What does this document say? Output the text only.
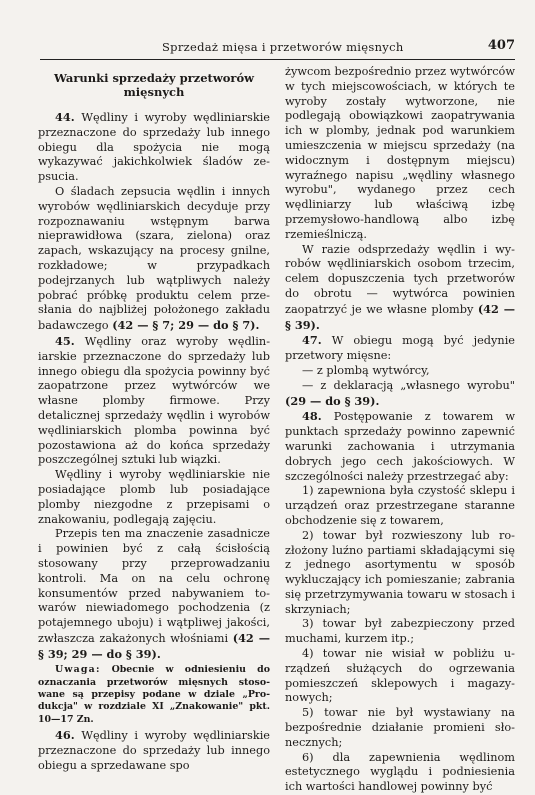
Sprzedaż mięsa i przetworów mięsnych	407

Warunki sprzedaży przetworów mięsnych

44. Wędliny i wyroby wędliniarskie przeznaczone do sprzedaży lub innego obiegu dla spożycia nie mogą wykazywać jakichkolwiek śladów zepsucia.

O śladach zepsucia wędlin i innych wyrobów wędliniarskich decyduje przy rozpoznawaniu wstępnym barwa nieprawidłowa (szara, zielona) oraz zapach, wskazujący na procesy gnilne, rozkładowe; w przypadkach podejrzanych lub wątpliwych należy pobrać próbkę produktu celem przesłania do najbliżej położonego zakładu badawczego (42 — § 7; 29 — do § 7).

45. Wędliny oraz wyroby wędliniarskie przeznaczone do sprzedaży lub innego obiegu dla spożycia powinny być zaopatrzone przez wytwórców we własne plomby firmowe. Przy detalicznej sprzedaży wędlin i wyrobów wędliniarskich plomba powinna być pozostawiona aż do końca sprzedaży poszczególnej sztuki lub wiązki.

Wędliny i wyroby wędliniarskie nie posiadające plomb lub posiadające plomby niezgodne z przepisami o znakowaniu, podlegają zajęciu.

Przepis ten ma znaczenie zasadnicze i powinien być z całą ścisłością stosowany przy przeprowadzaniu kontroli. Ma on na celu ochronę konsumentów przed nabywaniem towarów niewiadomego pochodzenia (z potajemnego uboju) i wątpliwej jakości, zwłaszcza zakażonych włośniami (42 — § 39; 29 — do § 39).

Uwaga: Obecnie w odniesieniu do oznaczania przetworów mięsnych stosowane są przepisy podane w dziale „Produkcja" w rozdziale XI „Znakowanie" pkt. 10—17 Zn.

46. Wędliny i wyroby wędliniarskie przeznaczone do sprzedaży lub innego obiegu a sprzedawane spo

żywcom bezpośrednio przez wytwórców w tych miejscowościach, w których te wyroby zostały wytworzone, nie podlegają obowiązkowi zaopatrywania ich w plomby, jednak pod warunkiem umieszczenia w miejscu sprzedaży (na widocznym i dostępnym miejscu) wyraźnego napisu „wędliny własnego wyrobu", wydanego przez cech wędliniarzy lub właściwą izbę przemysłowo-handlową albo izbę rzemieślniczą.

W razie odsprzedaży wędlin i wyrobów wędliniarskich osobom trzecim, celem dopuszczenia tych przetworów do obrotu — wytwórca powinien zaopatrzyć je we własne plomby (42 — § 39).

47. W obiegu mogą być jedynie przetwory mięsne:

— z plombą wytwórcy,

— z deklaracją „własnego wyrobu" (29 — do § 39).

48. Postępowanie z towarem w punktach sprzedaży powinno zapewnić warunki zachowania i utrzymania dobrych jego cech jakościowych. W szczególności należy przestrzegać aby:

1) zapewniona była czystość sklepu i urządzeń oraz przestrzegane staranne obchodzenie się z towarem,

2) towar był rozwieszony lub rozłożony luźno partiami składającymi się z jednego asortymentu w sposób wykluczający ich pomieszanie; zabrania się przetrzymywania towaru w stosach i skrzyniach;

3) towar był zabezpieczony przed muchami, kurzem itp.;

4) towar nie wisiał w pobliżu urządzeń służących do ogrzewania pomieszczeń sklepowych i magazynowych;

5) towar nie był wystawiany na bezpośrednie działanie promieni słonecznych;

6) dla zapewnienia wędlinom estetycznego wyglądu i podniesienia ich wartości handlowej powinny być
